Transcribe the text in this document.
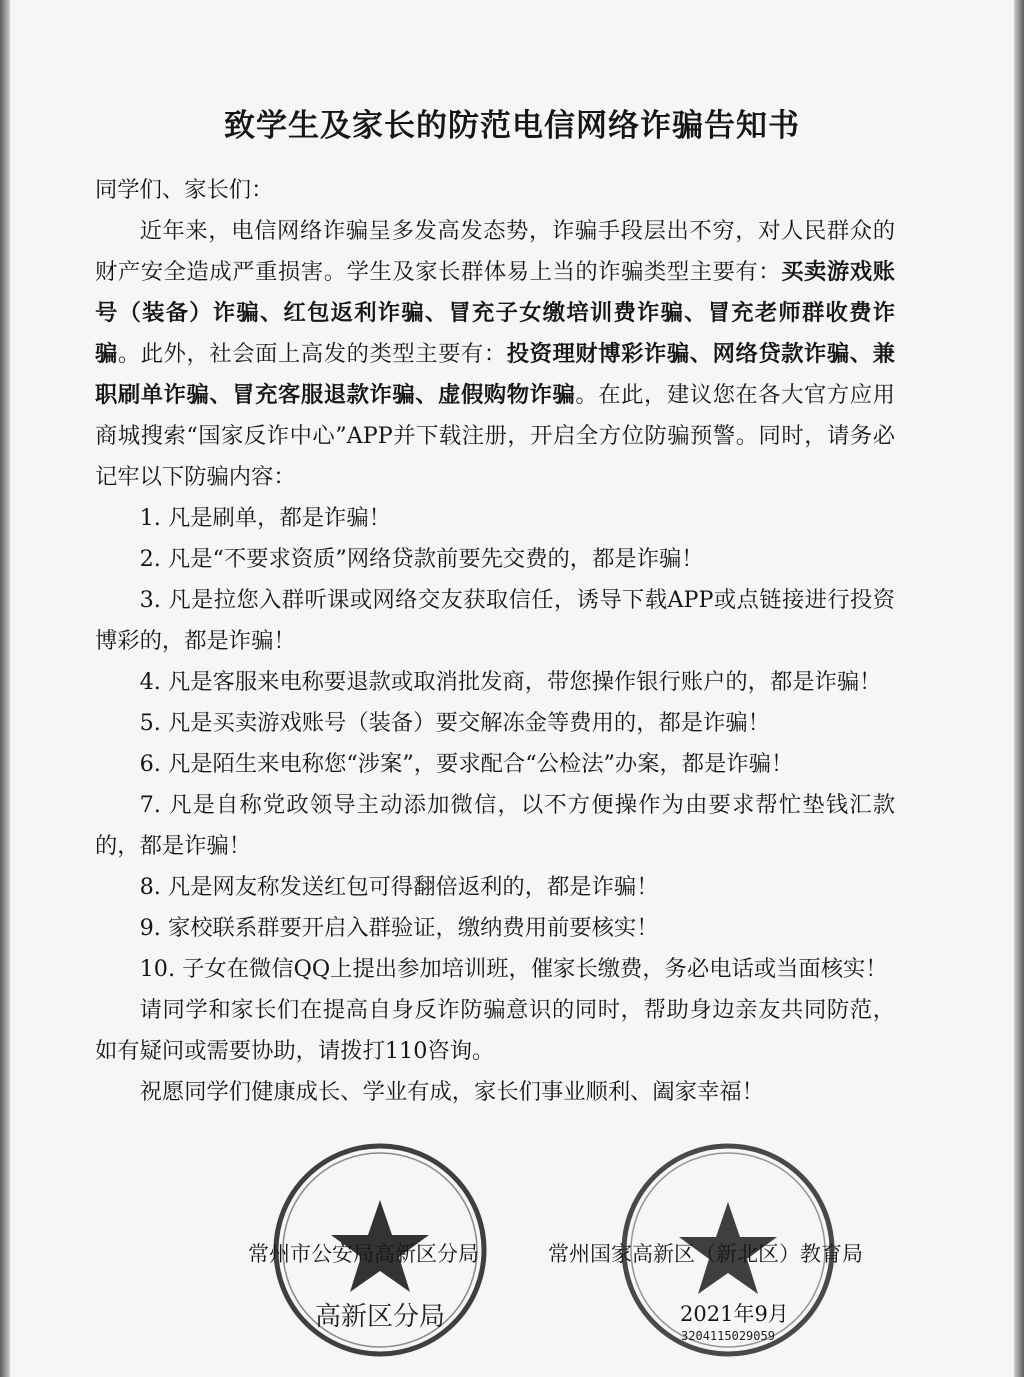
致学生及家长的防范电信网络诈骗告知书

同学们、家长们：

近年来，电信网络诈骗呈多发高发态势，诈骗手段层出不穷，对人民群众的财产安全造成严重损害。学生及家长群体易上当的诈骗类型主要有：买卖游戏账号（装备）诈骗、红包返利诈骗、冒充子女缴培训费诈骗、冒充老师群收费诈骗。此外，社会面上高发的类型主要有：投资理财博彩诈骗、网络贷款诈骗、兼职刷单诈骗、冒充客服退款诈骗、虚假购物诈骗。在此，建议您在各大官方应用商城搜索“国家反诈中心”APP并下载注册，开启全方位防骗预警。同时，请务必记牢以下防骗内容：

1. 凡是刷单，都是诈骗！

2. 凡是“不要求资质”网络贷款前要先交费的，都是诈骗！

3. 凡是拉您入群听课或网络交友获取信任，诱导下载APP或点链接进行投资博彩的，都是诈骗！

4. 凡是客服来电称要退款或取消批发商，带您操作银行账户的，都是诈骗！

5. 凡是买卖游戏账号（装备）要交解冻金等费用的，都是诈骗！

6. 凡是陌生来电称您“涉案”，要求配合“公检法”办案，都是诈骗！

7. 凡是自称党政领导主动添加微信，以不方便操作为由要求帮忙垫钱汇款的，都是诈骗！

8. 凡是网友称发送红包可得翻倍返利的，都是诈骗！

9. 家校联系群要开启入群验证，缴纳费用前要核实！

10. 子女在微信QQ上提出参加培训班，催家长缴费，务必电话或当面核实！

请同学和家长们在提高自身反诈防骗意识的同时，帮助身边亲友共同防范，如有疑问或需要协助，请拨打110咨询。

祝愿同学们健康成长、学业有成，家长们事业顺利、阖家幸福！

高新区分局
3204115029059
常州市公安局高新区分局	常州国家高新区（新北区）教育局
2021年9月
